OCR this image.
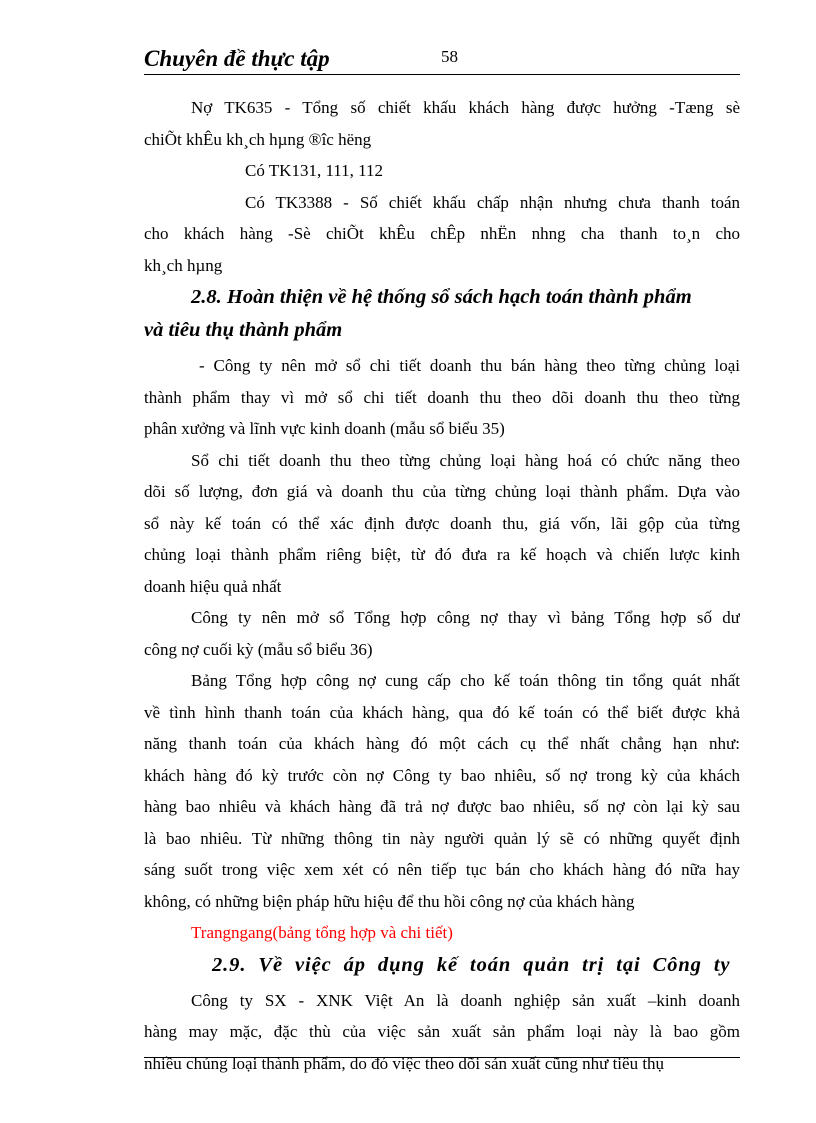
Chuyên đề thực tập	58
Nợ TK635 - Tổng số chiết khấu khách hàng được hưởng -Tæng sè
chiÕt khÊu kh¸ch hµng ®îc hëng
Có TK131, 111, 112
Có TK3388 - Số chiết khấu chấp nhận nhưng chưa thanh toán
cho khách hàng -Sè chiÕt khÊu chÊp nhËn nhng cha thanh to¸n cho
kh¸ch hµng
2.8. Hoàn thiện về hệ thống sổ sách hạch toán thành phẩm
và tiêu thụ thành phẩm
- Công ty nên mở sổ chi tiết doanh thu bán hàng theo từng chủng loại
thành phẩm thay vì mở sổ chi tiết doanh thu theo dõi doanh thu theo từng
phân xưởng và lĩnh vực kinh doanh (mẫu sổ biểu 35)
Sổ chi tiết doanh thu theo từng chủng loại hàng hoá có chức năng theo
dõi số lượng, đơn giá và doanh thu của từng chủng loại thành phẩm. Dựa vào
sổ này kế toán có thể xác định được doanh thu, giá vốn, lãi gộp của từng
chủng loại thành phẩm riêng biệt, từ đó đưa ra kế hoạch và chiến lược kinh
doanh hiệu quả nhất
Công ty nên mở sổ Tổng hợp công nợ thay vì bảng Tổng hợp số dư
công nợ cuối kỳ (mẫu sổ biểu 36)
Bảng Tổng hợp công nợ cung cấp cho kế toán thông tin tổng quát nhất
về tình hình thanh toán của khách hàng, qua đó kế toán có thể biết được khả
năng thanh toán của khách hàng đó một cách cụ thể nhất chẳng hạn như:
khách hàng đó kỳ trước còn nợ Công ty bao nhiêu, số nợ trong kỳ của khách
hàng bao nhiêu và khách hàng đã trả nợ được bao nhiêu, số nợ còn lại kỳ sau
là bao nhiêu. Từ những thông tin này người quản lý sẽ có những quyết định
sáng suốt trong việc xem xét có nên tiếp tục bán cho khách hàng đó nữa hay
không, có những biện pháp hữu hiệu để thu hồi công nợ của khách hàng
Trangngang(bảng tổng hợp và chi tiết)
2.9. Về việc áp dụng kế toán quản trị tại Công ty
Công ty SX - XNK Việt An là doanh nghiệp sản xuất –kinh doanh
hàng may mặc, đặc thù của việc sản xuất sản phẩm loại này là bao gồm
nhiều chủng loại thành phẩm, do đó việc theo dõi sản xuất cũng như tiêu thụ
